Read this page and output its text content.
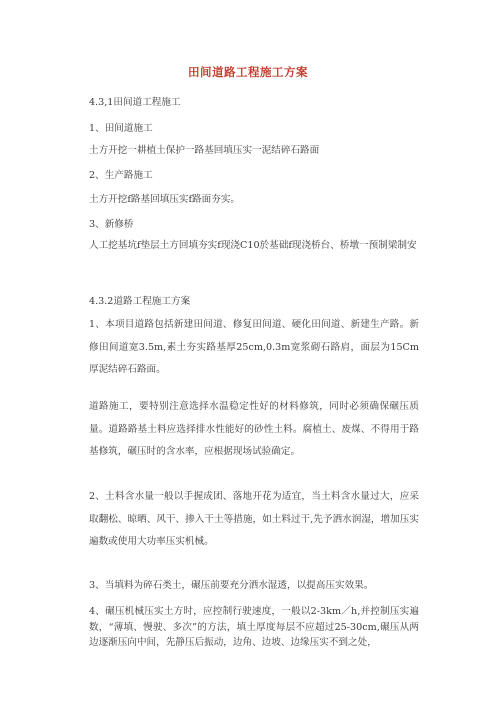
田间道路工程施工方案

4.3,1田间道工程施工

1、田间道施工

土方开挖一耕植土保护一路基回填压实一泥结碎石路面

2、生产路施工

土方开挖f路基回填压实f路面夯实。

3、新修桥

人工挖基坑f垫层土方回填夯实f现浇C10於基础f现浇桥台、桥墩一预制梁制安

4.3.2道路工程施工方案

1、本项目道路包括新建田间道、修复田间道、硬化田间道、新建生产路。新修田间道宽3.5m,素土夯实路基厚25cm,0.3m宽浆砌石路肩，面层为15Cm厚泥结碎石路面。

道路施工，要特别注意选择水温稳定性好的材料修筑，同时必须确保碾压质量。道路路基土料应选择排水性能好的砂性土料。腐植土、废煤、不得用于路基修筑，碾压时的含水率，应根据现场试验确定。

2、土料含水量一般以手握成团、落地开花为适宜，当土料含水量过大，应采取翻松、晾晒、风干、掺入干土等措施，如土料过干,先予洒水润湿，增加压实遍数或使用大功率压实机械。

3、当填料为碎石类土，碾压前要充分洒水湿透，以提高压实效果。

4、碾压机械压实土方时，应控制行驶速度，一般以2-3km／h,并控制压实遍数，“薄填、慢驶、多次”的方法，填土厚度每层不应超过25-30cm,碾压从两边逐渐压向中间，先静压后振动，边角、边坡、边缘压实不到之处，
